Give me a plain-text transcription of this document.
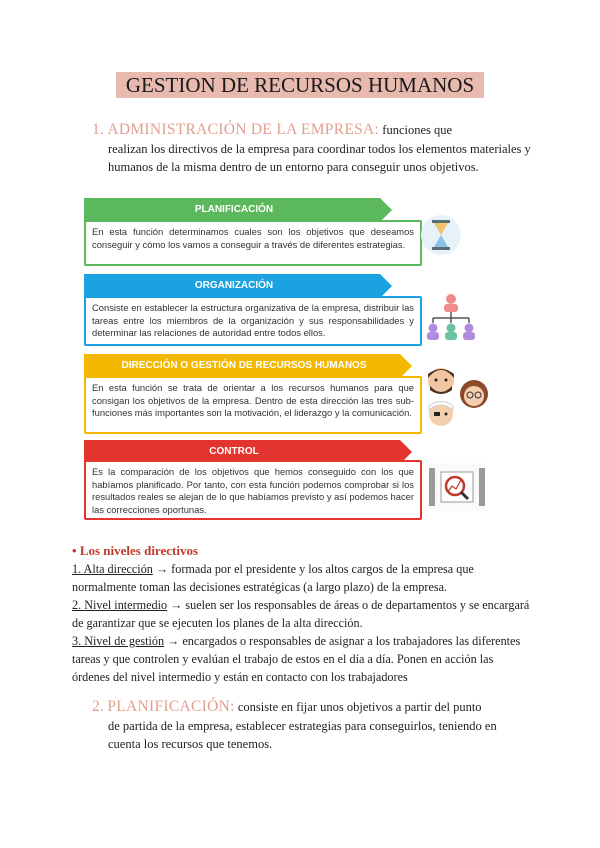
GESTION DE RECURSOS HUMANOS
1. ADMINISTRACIÓN DE LA EMPRESA: funciones que
realizan los directivos de la empresa para coordinar todos los elementos materiales y humanos de la misma dentro de un entorno para conseguir unos objetivos.
PLANIFICACIÓN
En esta función determinamos cuales son los objetivos que deseamos conseguir y cómo los vamos a conseguir a través de diferentes estrategias.
ORGANIZACIÓN
Consiste en establecer la estructura organizativa de la empresa, distribuir las tareas entre los miembros de la organización y sus responsabilidades y determinar las relaciones de autoridad entre todos ellos.
DIRECCIÓN O GESTIÓN DE RECURSOS HUMANOS
En esta función se trata de orientar a los recursos humanos para que consigan los objetivos de la empresa. Dentro de esta dirección las tres sub-funciones más importantes son la motivación, el liderazgo y la comunicación.
CONTROL
Es la comparación de los objetivos que hemos conseguido con los que habíamos planificado. Por tanto, con esta función podemos comprobar si los resultados reales se alejan de lo que habíamos previsto y así podemos hacer las correcciones oportunas.
• Los niveles directivos
1. Alta dirección → formada por el presidente y los altos cargos de la empresa que normalmente toman las decisiones estratégicas (a largo plazo) de la empresa.
2. Nivel intermedio → suelen ser los responsables de áreas o de departamentos y se encargará de garantizar que se ejecuten los planes de la alta dirección.
3. Nivel de gestión → encargados o responsables de asignar a los trabajadores las diferentes tareas y que controlen y evalúan el trabajo de estos en el día a día. Ponen en acción las órdenes del nivel intermedio y están en contacto con los trabajadores
2. PLANIFICACIÓN: consiste en fijar unos objetivos a partir del punto
de partida de la empresa, establecer estrategias para conseguirlos, teniendo en cuenta los recursos que tenemos.
